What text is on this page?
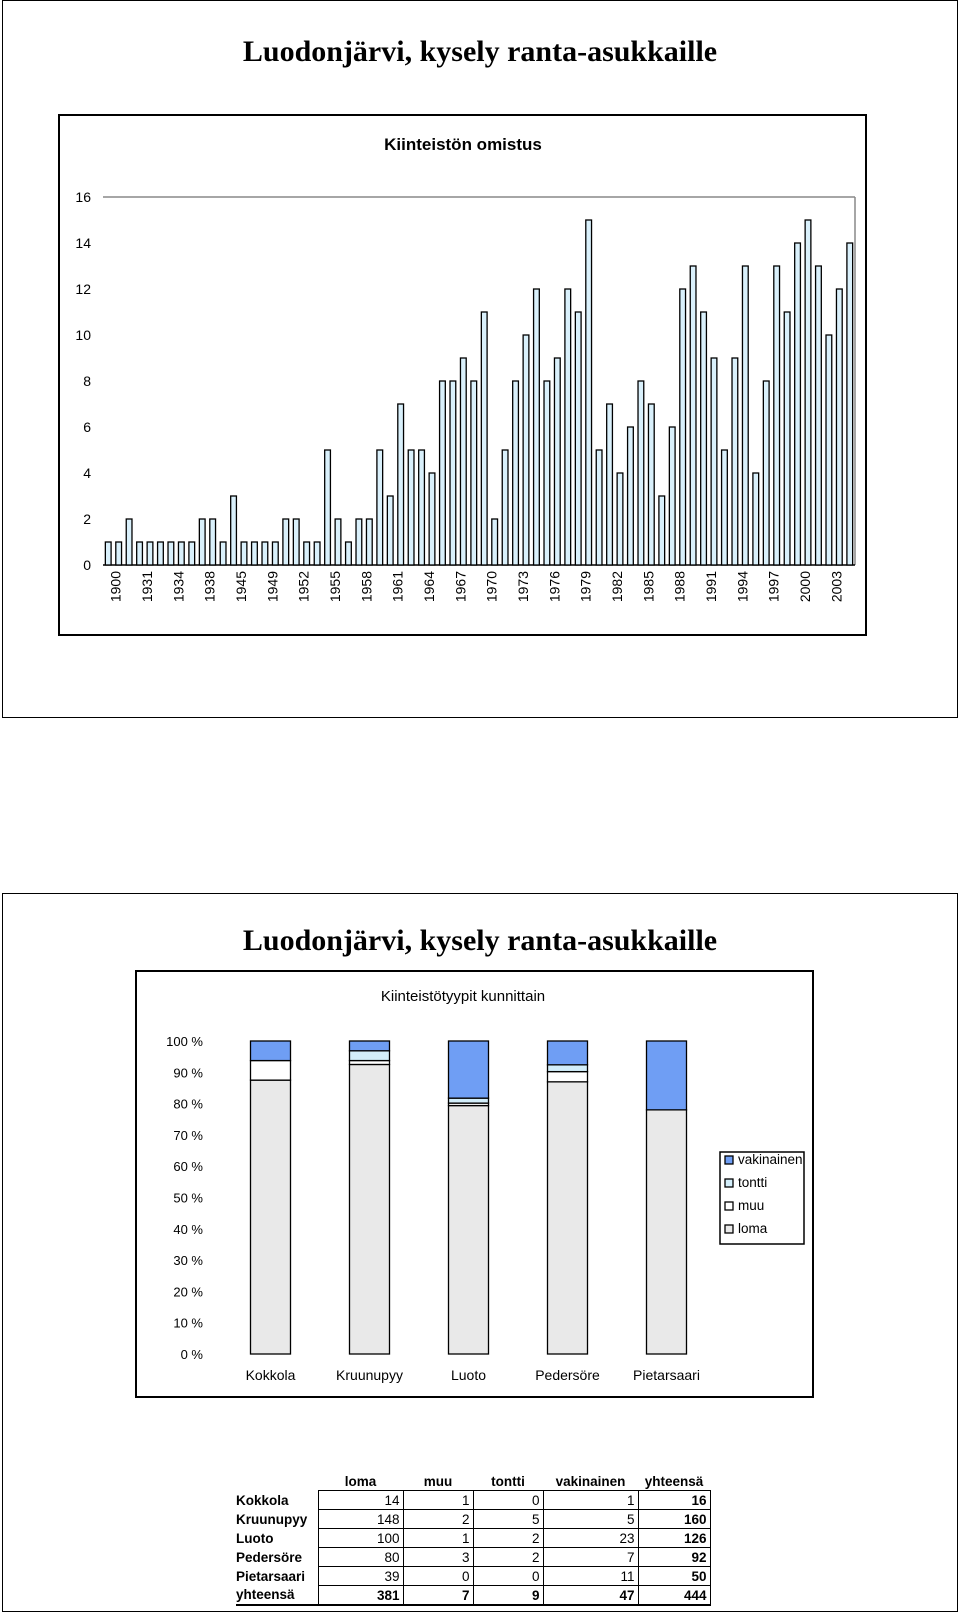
Luodonjärvi, kysely ranta-asukkaille
Kiinteistön omistus
0
2
4
6
8
10
12
14
16
1900 1931 1934 1938 1945 1949 1952 1955 1958 1961 1964 1967 1970 1973 1976 1979 1982 1985 1988 1991 1994 1997 2000 2003
Luodonjärvi, kysely ranta-asukkaille
Kiinteistötyypit kunnittain
0 %
10 %
20 %
30 %
40 %
50 %
60 %
70 %
80 %
90 %
100 %
Kokkola	Kruunupyy	Luoto	Pedersöre Pietarsaari
vakinainen
tontti
muu
loma
	loma	muu	tontti	vakinainen	yhteensä
Kokkola	14	1	0	1	16
Kruunupyy	148	2	5	5	160
Luoto	100	1	2	23	126
Pedersöre	80	3	2	7	92
Pietarsaari	39	0	0	11	50
yhteensä	381	7	9	47	444
